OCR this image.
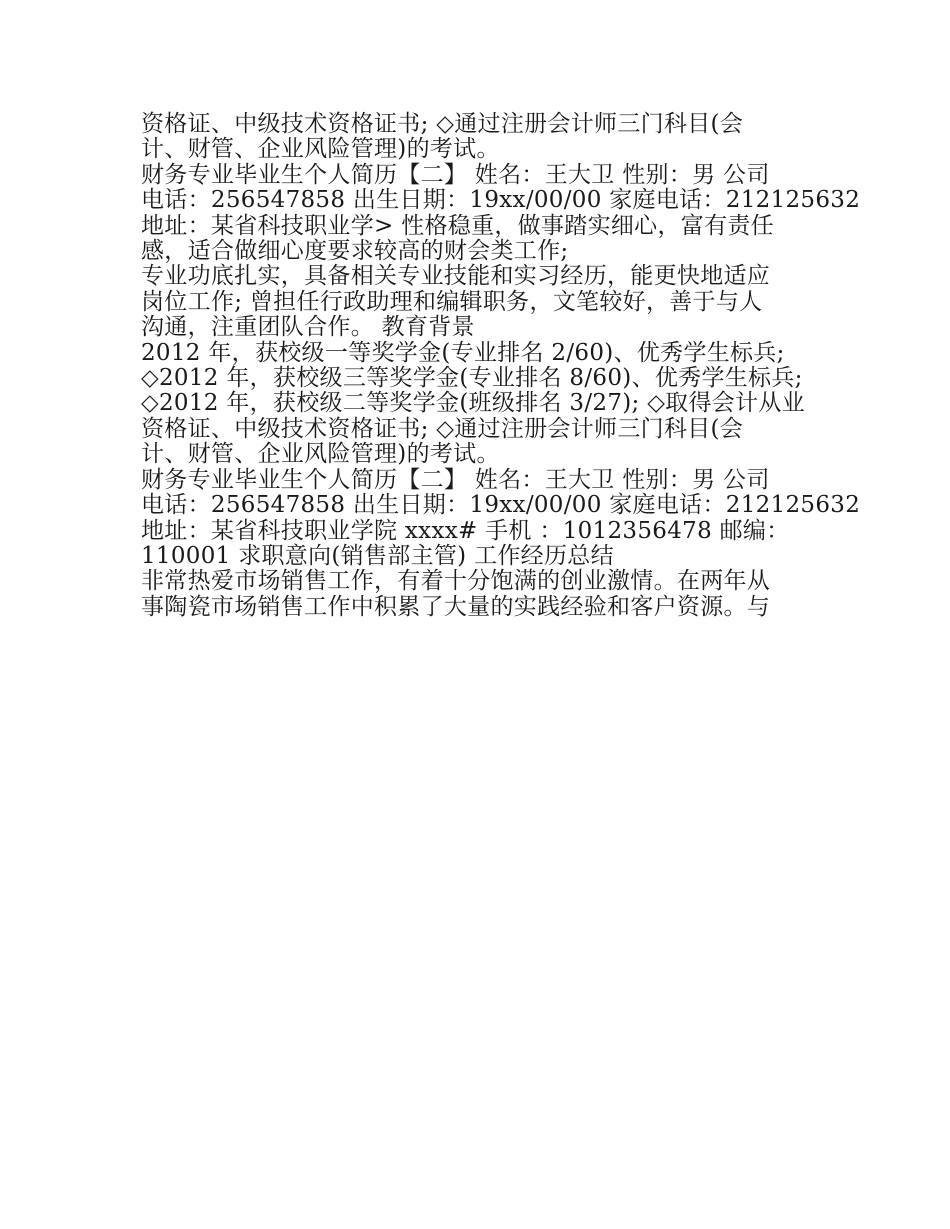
资格证、中级技术资格证书; ◇通过注册会计师三门科目(会

计、财管、企业风险管理)的考试。

财务专业毕业生个人简历【二】 姓名：王大卫 性别：男 公司

电话：256547858 出生日期：19xx/00/00 家庭电话：212125632

地址：某省科技职业学> 性格稳重，做事踏实细心，富有责任

感，适合做细心度要求较高的财会类工作;

专业功底扎实，具备相关专业技能和实习经历，能更快地适应

岗位工作; 曾担任行政助理和编辑职务，文笔较好，善于与人

沟通，注重团队合作。 教育背景

2012 年，获校级一等奖学金(专业排名 2/60)、优秀学生标兵;

◇2012 年，获校级三等奖学金(专业排名 8/60)、优秀学生标兵;

◇2012 年，获校级二等奖学金(班级排名 3/27); ◇取得会计从业

资格证、中级技术资格证书; ◇通过注册会计师三门科目(会

计、财管、企业风险管理)的考试。

财务专业毕业生个人简历【二】 姓名：王大卫 性别：男 公司

电话：256547858 出生日期：19xx/00/00 家庭电话：212125632

地址：某省科技职业学院 xxxx# 手机 ：1012356478 邮编：

110001 求职意向(销售部主管) 工作经历总结

非常热爱市场销售工作，有着十分饱满的创业激情。在两年从

事陶瓷市场销售工作中积累了大量的实践经验和客户资源。与
